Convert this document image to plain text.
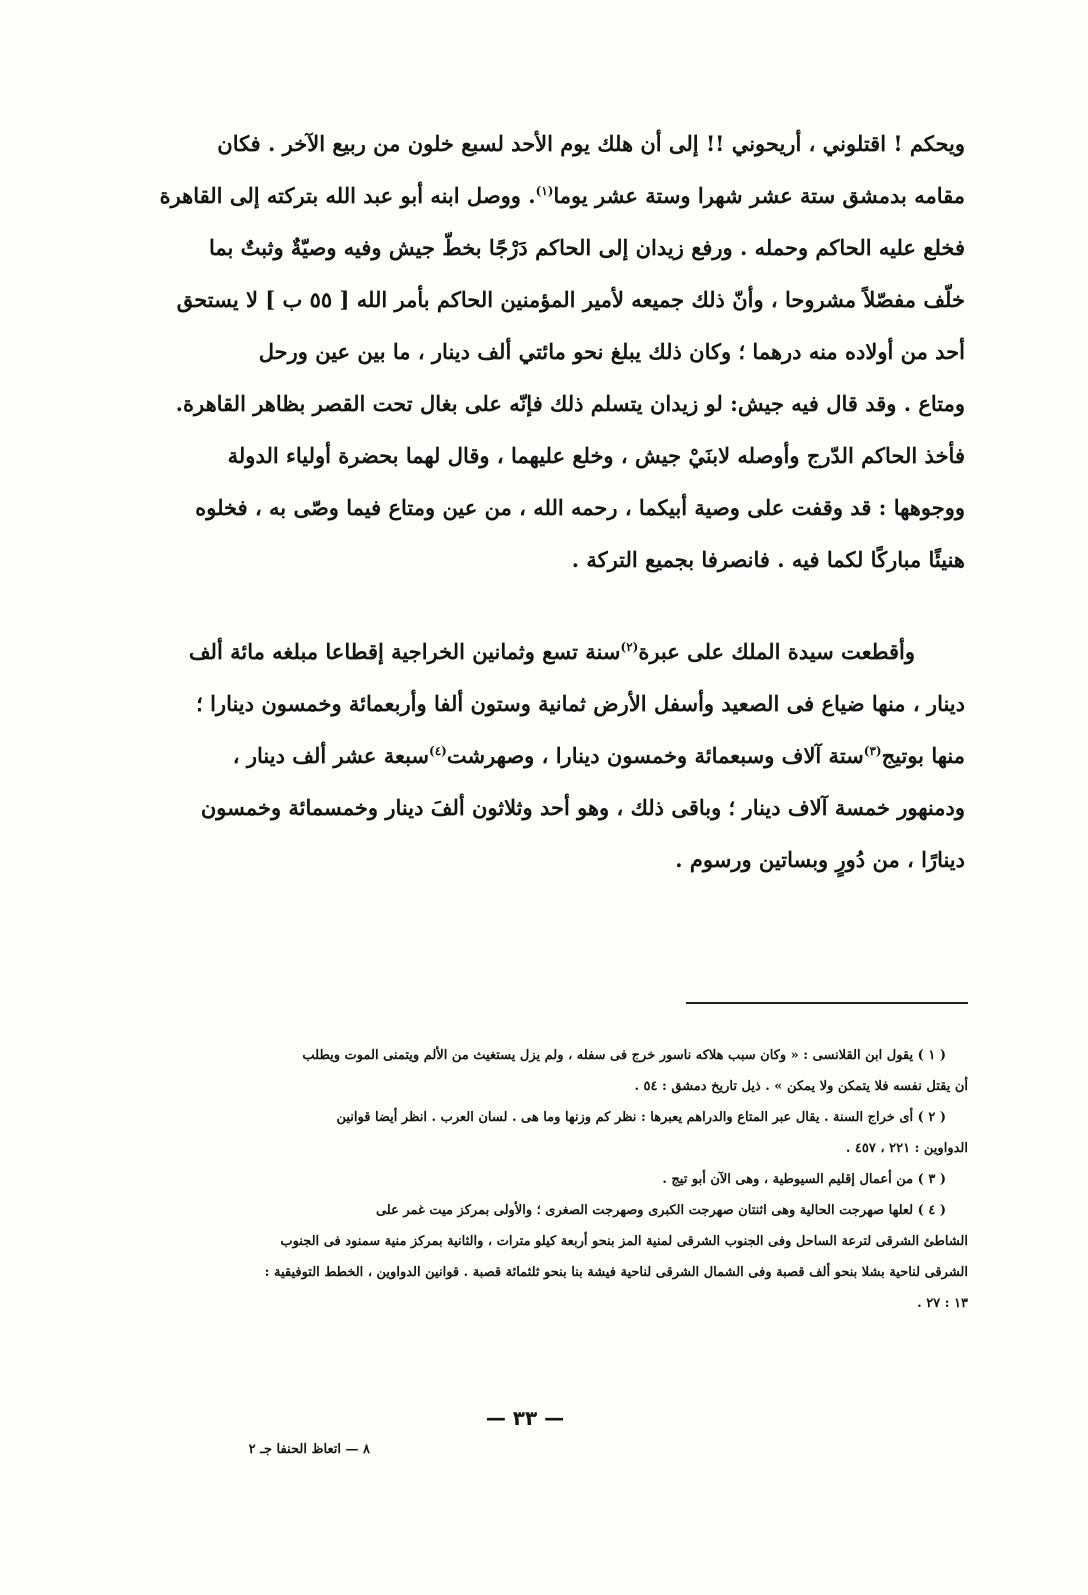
ويحكم ! اقتلوني ، أريحوني !! إلى أن هلك يوم الأحد لسبع خلون من ربيع الآخر . فكان
مقامه بدمشق ستة عشر شهرا وستة عشر يوما$^{(١)}$. ووصل ابنه أبو عبد الله بتركته إلى القاهرة
فخلع عليه الحاكم وحمله . ورفع زيدان إلى الحاكم دَرْجًا بخطّ جيش وفيه وصيّةٌ وثبتٌ بما
خلّف مفصّلاً مشروحا ، وأنّ ذلك جميعه لأمير المؤمنين الحاكم بأمر الله [ ٥٥ ب ] لا يستحق
أحد من أولاده منه درهما ؛ وكان ذلك يبلغ نحو مائتي ألف دينار ، ما بين عين ورحل
ومتاع . وقد قال فيه جيش: لو زيدان يتسلم ذلك فإنّه على بغال تحت القصر بظاهر القاهرة.
فأخذ الحاكم الدّرج وأوصله لابنَيْ جيش ، وخلع عليهما ، وقال لهما بحضرة أولياء الدولة
ووجوهها : قد وقفت على وصية أبيكما ، رحمه الله ، من عين ومتاع فيما وصّى به ، فخلوه
هنيئًا مباركًا لكما فيه . فانصرفا بجميع التركة .
وأقطعت سيدة الملك على عبرة$^{(٢)}$سنة تسع وثمانين الخراجية إقطاعا مبلغه مائة ألف
دينار ، منها ضياع فى الصعيد وأسفل الأرض ثمانية وستون ألفا وأربعمائة وخمسون دينارا ؛
منها بوتيج$^{(٣)}$ستة آلاف وسبعمائة وخمسون دينارا ، وصهرشت$^{(٤)}$سبعة عشر ألف دينار ،
ودمنهور خمسة آلاف دينار ؛ وباقى ذلك ، وهو أحد وثلاثون ألفَ دينار وخمسمائة وخمسون
دينارًا ، من دُورٍ وبساتين ورسوم .
( ١ ) يقول ابن القلانسى : « وكان سبب هلاكه ناسور خرج فى سفله ، ولم يزل يستغيث من الألم ويتمنى الموت ويطلب
أن يقتل نفسه فلا يتمكن ولا يمكن » . ذيل تاريخ دمشق : ٥٤ .
( ٢ ) أى خراج السنة . يقال عبر المتاع والدراهم يعبرها : نظر كم وزنها وما هى . لسان العرب . انظر أيضا قوانين
الدواوين : ٢٢١ ، ٤٥٧ .
( ٣ ) من أعمال إقليم السيوطية ، وهى الآن أبو تيج .
( ٤ ) لعلها صهرجت الحالية وهى اثنتان صهرجت الكبرى وصهرجت الصغرى ؛ والأولى بمركز ميت غمر على
الشاطئ الشرقى لترعة الساحل وفى الجنوب الشرقى لمنية المز بنحو أربعة كيلو مترات ، والثانية بمركز منية سمنود فى الجنوب
الشرقى لناحية بشلا بنحو ألف قصبة وفى الشمال الشرقى لناحية فيشة بنا بنحو ثلثمائة قصبة . قوانين الدواوين ، الخطط التوفيقية :
١٣ : ٢٧ .
— ٣٣ —
٨ — اتعاظ الحنفا جـ ٢
